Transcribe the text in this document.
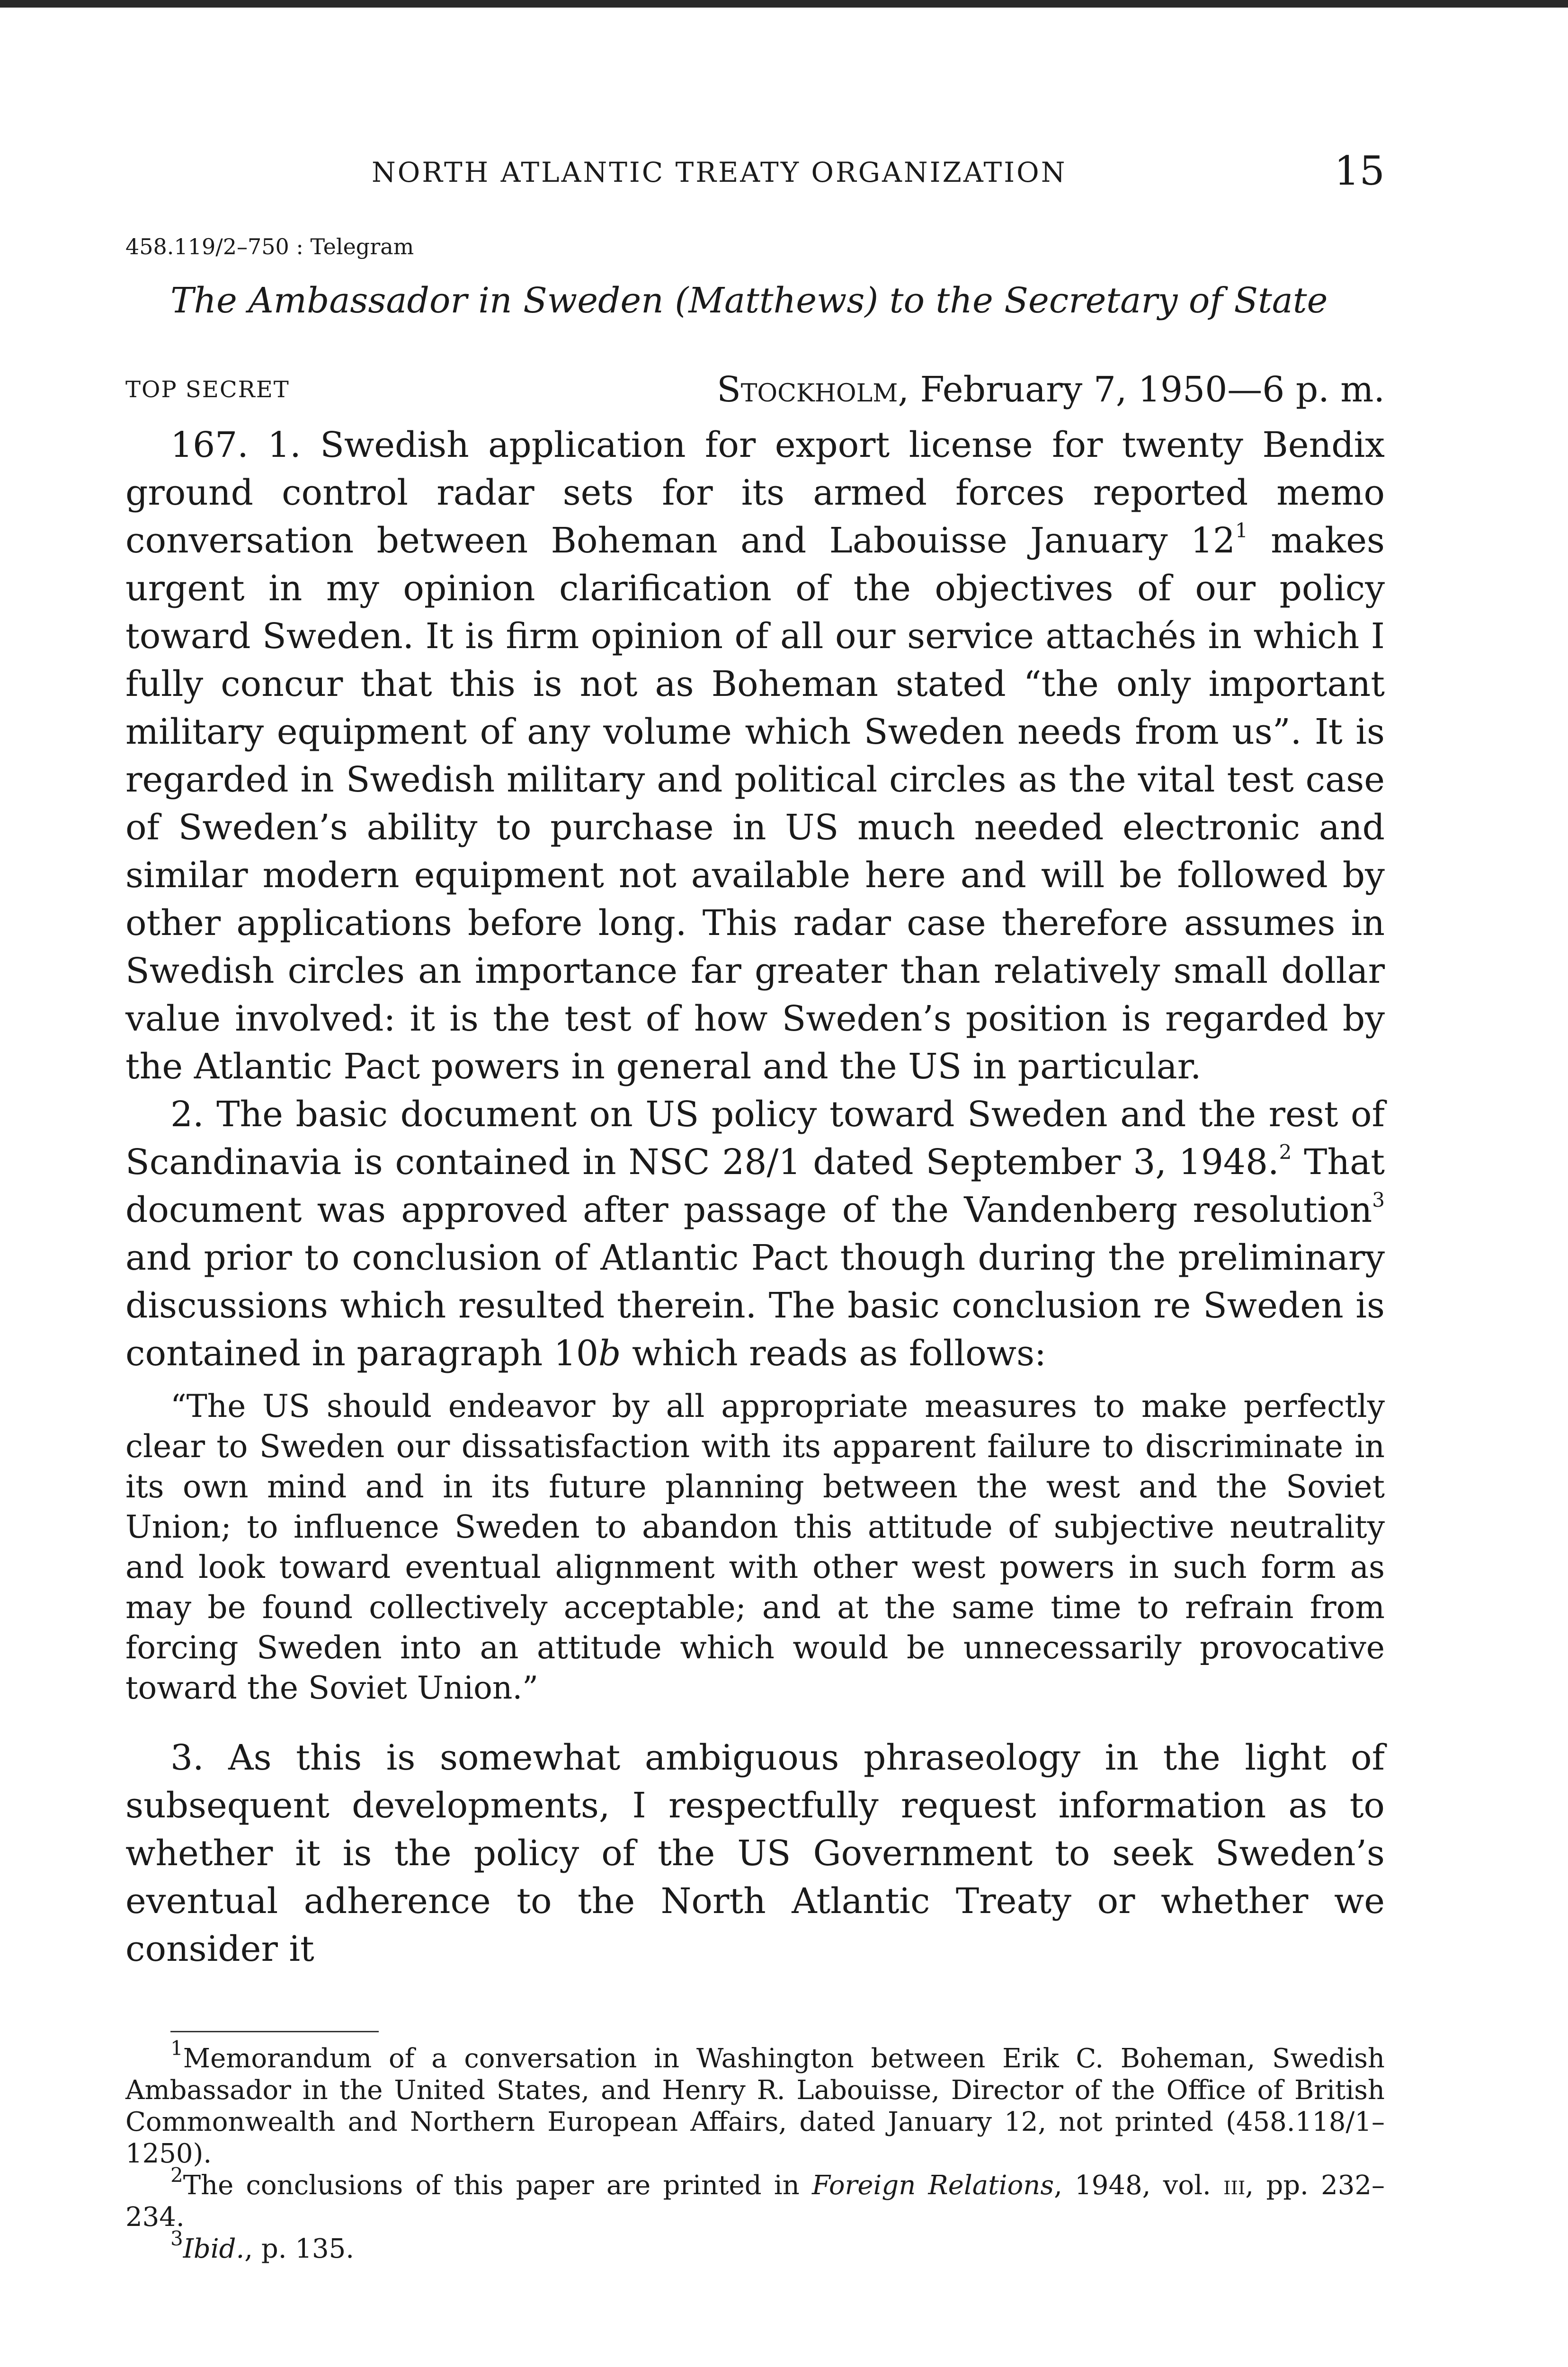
NORTH ATLANTIC TREATY ORGANIZATION	15
458.119/2–750 : Telegram
The Ambassador in Sweden (Matthews) to the Secretary of State
TOP SECRET	Stockholm, February 7, 1950—6 p. m.

167. 1. Swedish application for export license for twenty Bendix ground control radar sets for its armed forces reported memo conversation between Boheman and Labouisse January $12^1$ makes urgent in my opinion clarification of the objectives of our policy toward Sweden. It is firm opinion of all our service attachés in which I fully concur that this is not as Boheman stated “the only important military equipment of any volume which Sweden needs from us”. It is regarded in Swedish military and political circles as the vital test case of Sweden’s ability to purchase in US much needed electronic and similar modern equipment not available here and will be followed by other applications before long. This radar case therefore assumes in Swedish circles an importance far greater than relatively small dollar value involved: it is the test of how Sweden’s position is regarded by the Atlantic Pact powers in general and the US in particular.

2. The basic document on US policy toward Sweden and the rest of Scandinavia is contained in NSC 28/1 dated September 3, 1948.$^2$ That document was approved after passage of the Vandenberg resolution$^3$ and prior to conclusion of Atlantic Pact though during the preliminary discussions which resulted therein. The basic conclusion re Sweden is contained in paragraph 10b which reads as follows:

“The US should endeavor by all appropriate measures to make perfectly clear to Sweden our dissatisfaction with its apparent failure to discriminate in its own mind and in its future planning between the west and the Soviet Union; to influence Sweden to abandon this attitude of subjective neutrality and look toward eventual alignment with other west powers in such form as may be found collectively acceptable; and at the same time to refrain from forcing Sweden into an attitude which would be unnecessarily provocative toward the Soviet Union.”

3. As this is somewhat ambiguous phraseology in the light of subsequent developments, I respectfully request information as to whether it is the policy of the US Government to seek Sweden’s eventual adherence to the North Atlantic Treaty or whether we consider it

$^1$Memorandum of a conversation in Washington between Erik C. Boheman, Swedish Ambassador in the United States, and Henry R. Labouisse, Director of the Office of British Commonwealth and Northern European Affairs, dated January 12, not printed (458.118/1–1250).

$^2$The conclusions of this paper are printed in Foreign Relations, 1948, vol. iii, pp. 232–234.

$^3$Ibid., p. 135.
